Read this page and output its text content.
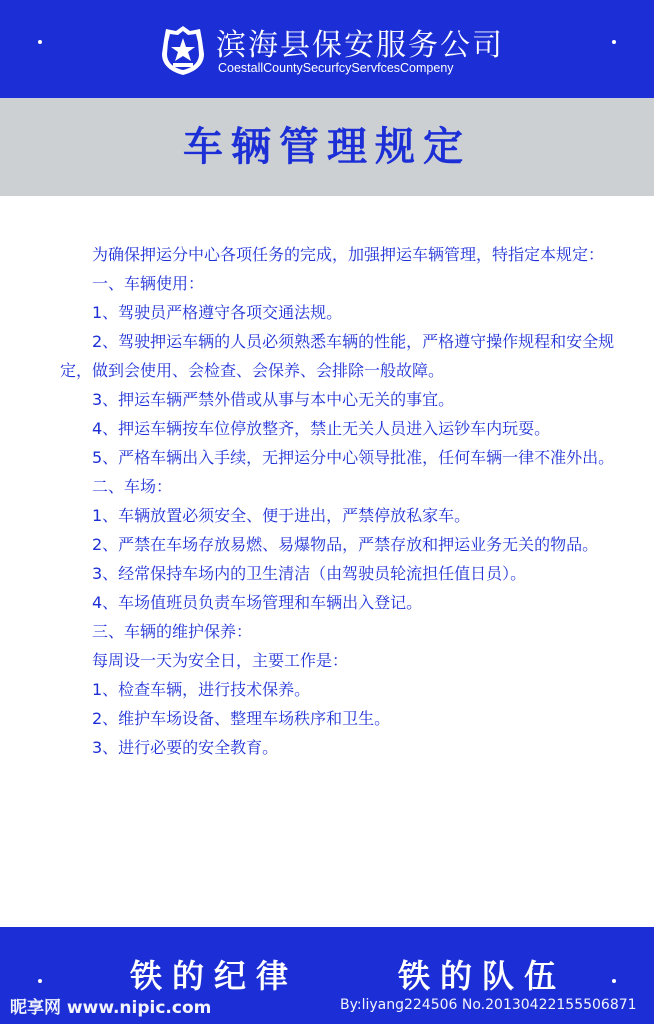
滨海县保安服务公司
CoestallCountySecurfcyServfcesCompeny
车辆管理规定

为确保押运分中心各项任务的完成，加强押运车辆管理，特指定本规定：

一、车辆使用：

1、驾驶员严格遵守各项交通法规。

2、驾驶押运车辆的人员必须熟悉车辆的性能，严格遵守操作规程和安全规定，做到会使用、会检查、会保养、会排除一般故障。

3、押运车辆严禁外借或从事与本中心无关的事宜。

4、押运车辆按车位停放整齐，禁止无关人员进入运钞车内玩耍。

5、严格车辆出入手续，无押运分中心领导批准，任何车辆一律不准外出。

二、车场：

1、车辆放置必须安全、便于进出，严禁停放私家车。

2、严禁在车场存放易燃、易爆物品，严禁存放和押运业务无关的物品。

3、经常保持车场内的卫生清洁（由驾驶员轮流担任值日员）。

4、车场值班员负责车场管理和车辆出入登记。

三、车辆的维护保养：

每周设一天为安全日，主要工作是：

1、检查车辆，进行技术保养。

2、维护车场设备、整理车场秩序和卫生。

3、进行必要的安全教育。

铁的纪律	铁的队伍
昵享网 www.nipic.com	By:liyang224506 No.20130422155506871
